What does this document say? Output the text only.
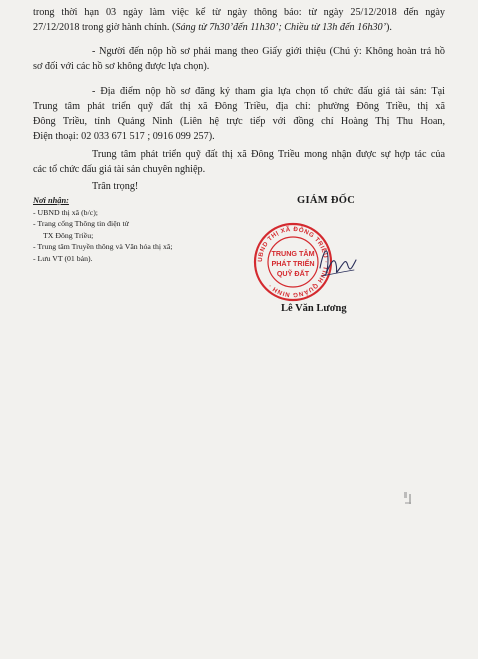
trong thời hạn 03 ngày làm việc kể từ ngày thông báo: từ ngày 25/12/2018 đến ngày
27/12/2018 trong giờ hành chính. (Sáng từ 7h30’đến 11h30’; Chiều từ 13h đến 16h30’).
- Người đến nộp hồ sơ phải mang theo Giấy giới thiệu (Chú ý: Không hoàn trả hồ
sơ đối với các hồ sơ không được lựa chọn).
- Địa điểm nộp hồ sơ đăng ký tham gia lựa chọn tổ chức đấu giá tài sản: Tại
Trung tâm phát triển quỹ đất thị xã Đông Triều, địa chỉ: phường Đông Triều, thị xã
Đông Triều, tỉnh Quảng Ninh (Liên hệ trực tiếp với đồng chí Hoàng Thị Thu Hoan,
Điện thoại: 02 033 671 517 ; 0916 099 257).
Trung tâm phát triển quỹ đất thị xã Đông Triều mong nhận được sự hợp tác của
các tổ chức đấu giá tài sản chuyên nghiệp.
Trân trọng!
Nơi nhận:
- UBND thị xã (b/c);
- Trang cổng Thông tin điện tử
TX Đông Triều;
- Trung tâm Truyền thông và Văn hóa thị xã;
- Lưu VT (01 bản).
GIÁM ĐỐC
UBND THỊ XÃ ĐÔNG TRIỀU · TỈNH QUẢNG NINH ·
TRUNG TÂM
PHÁT TRIỂN
QUỸ ĐẤT
Lê Văn Lương
